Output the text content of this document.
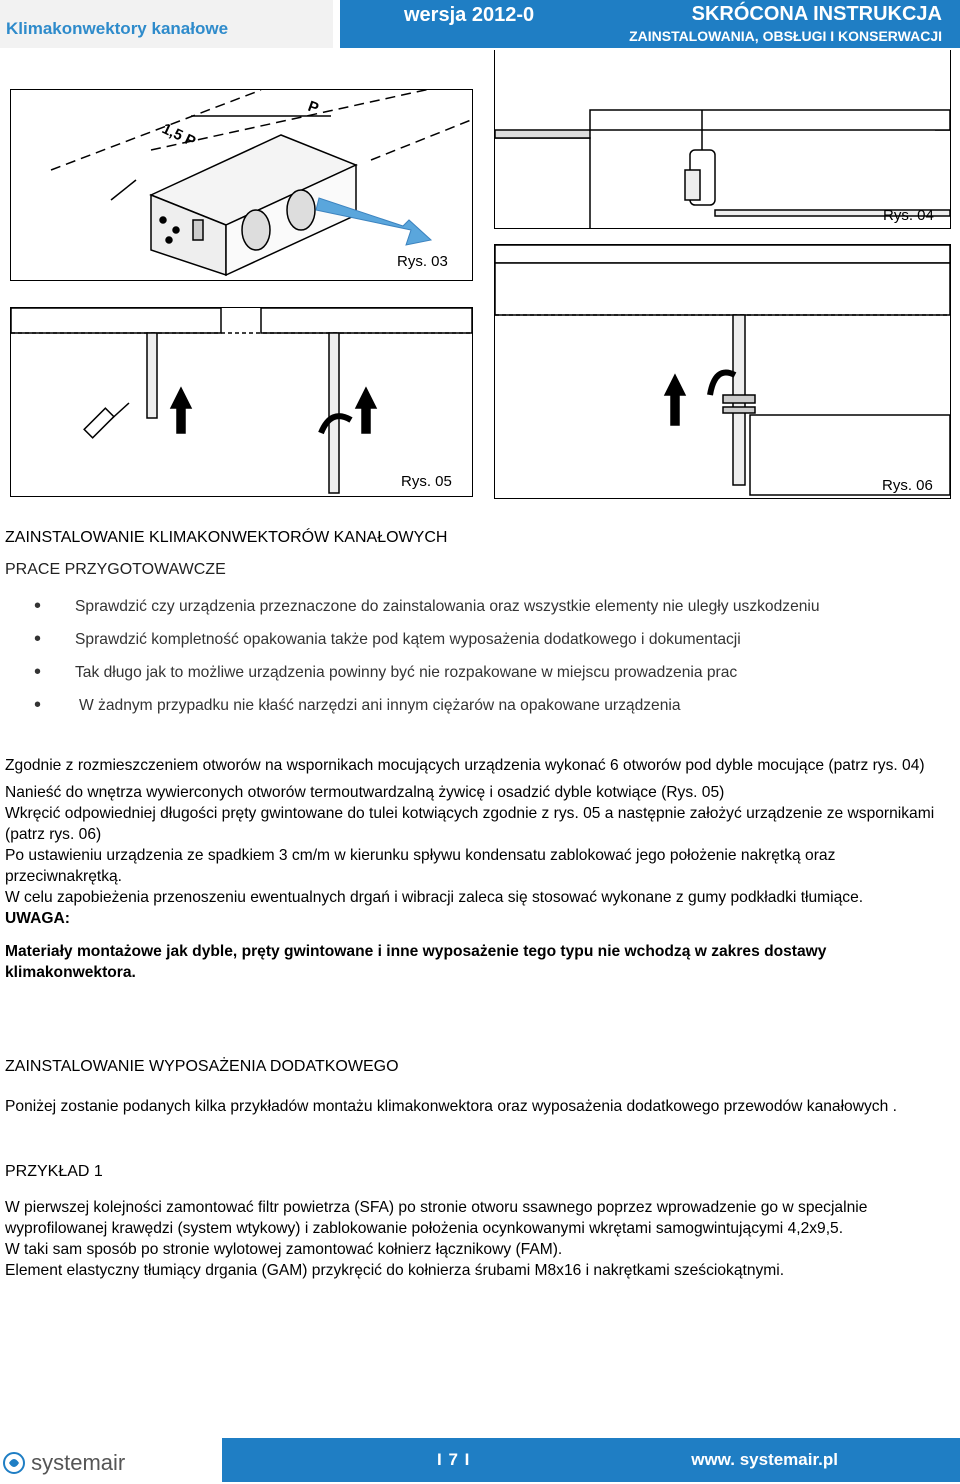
Klimakonwektory kanałowe
wersja 2012-0	SKRÓCONA INSTRUKCJA
ZAINSTALOWANIA, OBSŁUGI I KONSERWACJI
1,5 P
P
Rys. 03
Rys. 04
Rys. 05	Rys. 06
ZAINSTALOWANIE KLIMAKONWEKTORÓW KANAŁOWYCH
PRACE PRZYGOTOWAWCZE
• Sprawdzić czy urządzenia przeznaczone do zainstalowania oraz wszystkie elementy nie uległy uszkodzeniu
• Sprawdzić kompletność opakowania także pod kątem wyposażenia dodatkowego i dokumentacji
• Tak długo jak to możliwe urządzenia powinny być nie rozpakowane w miejscu prowadzenia prac
• W żadnym przypadku nie kłaść narzędzi ani innym ciężarów na opakowane urządzenia

Zgodnie z rozmieszczeniem otworów na wspornikach mocujących urządzenia wykonać 6 otworów pod dyble mocujące (patrz rys. 04)

Nanieść do wnętrza wywierconych otworów termoutwardzalną żywicę i osadzić dyble kotwiące (Rys. 05)

Wkręcić odpowiedniej długości pręty gwintowane do tulei kotwiących zgodnie z rys. 05 a następnie założyć urządzenie ze wspornikami (patrz rys. 06)

Po ustawieniu urządzenia ze spadkiem 3 cm/m w kierunku spływu kondensatu zablokować jego położenie nakrętką oraz przeciwnakrętką.

W celu zapobieżenia przenoszeniu ewentualnych drgań i wibracji zaleca się stosować wykonane z gumy podkładki tłumiące.

UWAGA:

Materiały montażowe jak dyble, pręty gwintowane i inne wyposażenie tego typu nie wchodzą w zakres dostawy klimakonwektora.

ZAINSTALOWANIE WYPOSAŻENIA DODATKOWEGO
Poniżej zostanie podanych kilka przykładów montażu klimakonwektora oraz wyposażenia dodatkowego przewodów kanałowych .
PRZYKŁAD 1

W pierwszej kolejności zamontować filtr powietrza (SFA) po stronie otworu ssawnego poprzez wprowadzenie go w specjalnie wyprofilowanej krawędzi (system wtykowy) i zablokowanie położenia ocynkowanymi wkrętami samogwintującymi 4,2x9,5.

W taki sam sposób po stronie wylotowej zamontować kołnierz łącznikowy (FAM).

Element elastyczny tłumiący drgania (GAM) przykręcić do kołnierza śrubami M8x16 i nakrętkami sześciokątnymi.

systemair	I 7 I	www. systemair.pl
